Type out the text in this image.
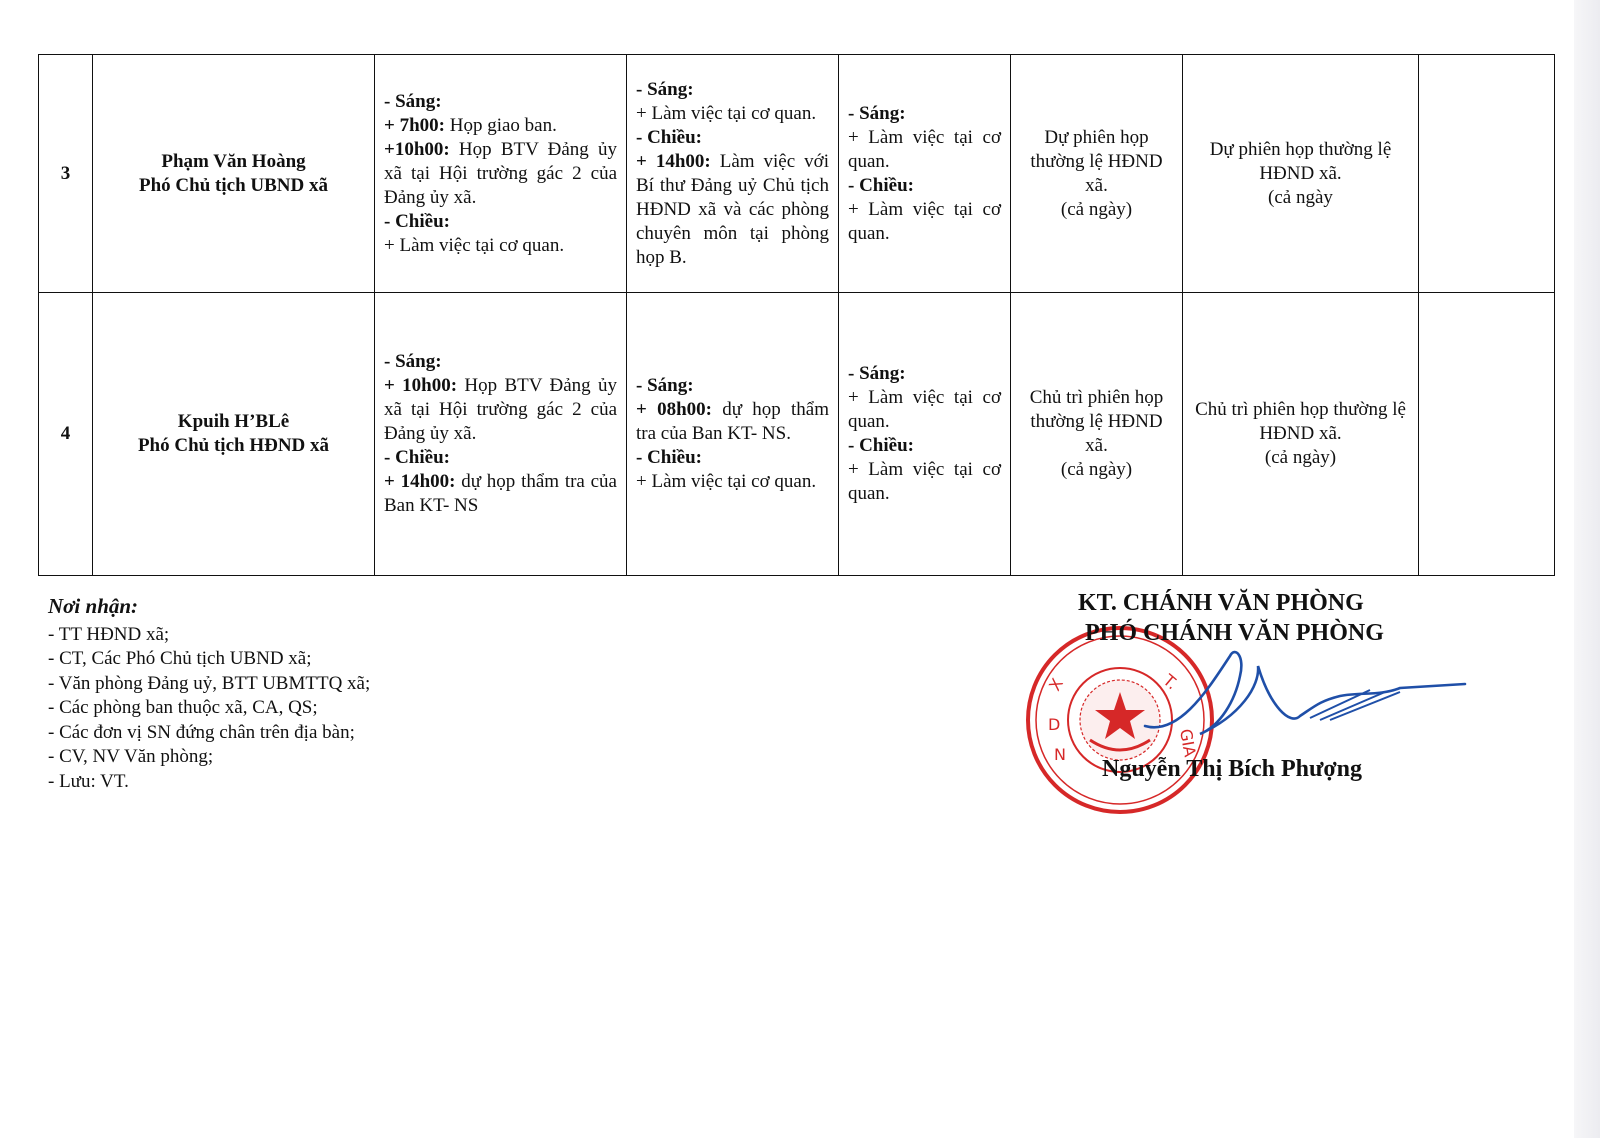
3	Phạm Văn Hoàng
Phó Chủ tịch UBND xã	- Sáng:
+ 7h00: Họp giao ban.
+10h00: Họp BTV Đảng ủy xã tại Hội trường gác 2 của Đảng ủy xã.
- Chiều:
+ Làm việc tại cơ quan.	- Sáng:
+ Làm việc tại cơ quan.
- Chiều:
+ 14h00: Làm việc với Bí thư Đảng uỷ Chủ tịch HĐND xã và các phòng chuyên môn tại phòng họp B.	- Sáng:
+ Làm việc tại cơ quan.
- Chiều:
+ Làm việc tại cơ quan.	Dự phiên họp thường lệ HĐND xã.
(cả ngày)	Dự phiên họp thường lệ HĐND xã.
(cả ngày	

4	Kpuih H’BLê
Phó Chủ tịch HĐND xã	- Sáng:
+ 10h00: Họp BTV Đảng ủy xã tại Hội trường gác 2 của Đảng ủy xã.
- Chiều:
+ 14h00: dự họp thẩm tra của Ban KT- NS	- Sáng:
+ 08h00: dự họp thẩm tra của Ban KT- NS.
- Chiều:
+ Làm việc tại cơ quan.	- Sáng:
+ Làm việc tại cơ quan.
- Chiều:
+ Làm việc tại cơ quan.	Chủ trì phiên họp thường lệ HĐND xã.
(cả ngày)	Chủ trì phiên họp thường lệ HĐND xã.
(cả ngày)	

Nơi nhận:
- TT HĐND xã;
- CT, Các Phó Chủ tịch UBND xã;
- Văn phòng Đảng uỷ, BTT UBMTTQ xã;
- Các phòng ban thuộc xã, CA, QS;
- Các đơn vị SN đứng chân trên địa bàn;
- CV, NV Văn phòng;
- Lưu: VT.
X
D
N
T.
GIA
KT. CHÁNH VĂN PHÒNG
PHÓ CHÁNH VĂN PHÒNG
Nguyễn Thị Bích Phượng
